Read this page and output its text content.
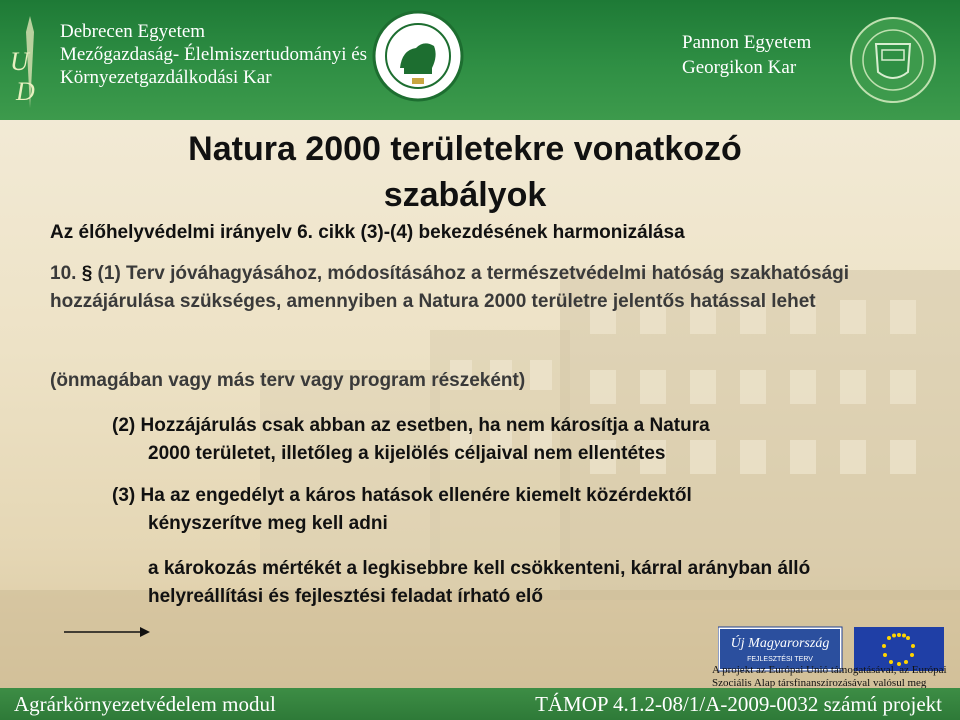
U
D
Debrecen Egyetem
Mezőgazdaság- Élelmiszertudományi és
Környezetgazdálkodási Kar
Pannon Egyetem
Georgikon Kar
Natura 2000 területekre vonatkozó
szabályok
Az élőhelyvédelmi irányelv 6. cikk (3)-(4) bekezdésének harmonizálása

10. § (1) Terv jóváhagyásához, módosításához a természetvédelmi hatóság szakhatósági hozzájárulása szükséges, amennyiben a Natura 2000 területre jelentős hatással lehet

(önmagában vagy más terv vagy program részeként)

(2) Hozzájárulás csak abban az esetben, ha nem károsítja a Natura
2000 területet, illetőleg a kijelölés céljaival nem ellentétes

(3) Ha az engedélyt a káros hatások ellenére kiemelt közérdektől
kényszerítve meg kell adni

a károkozás mértékét a legkisebbre kell csökkenteni, kárral arányban álló helyreállítási és fejlesztési feladat írható elő

Új Magyarország
FEJLESZTÉSI TERV
A projekt az Európai Unió támogatásával, az Európai Szociális Alap társfinanszírozásával valósul meg
Agrárkörnyezetvédelem modul	TÁMOP 4.1.2-08/1/A-2009-0032 számú projekt
